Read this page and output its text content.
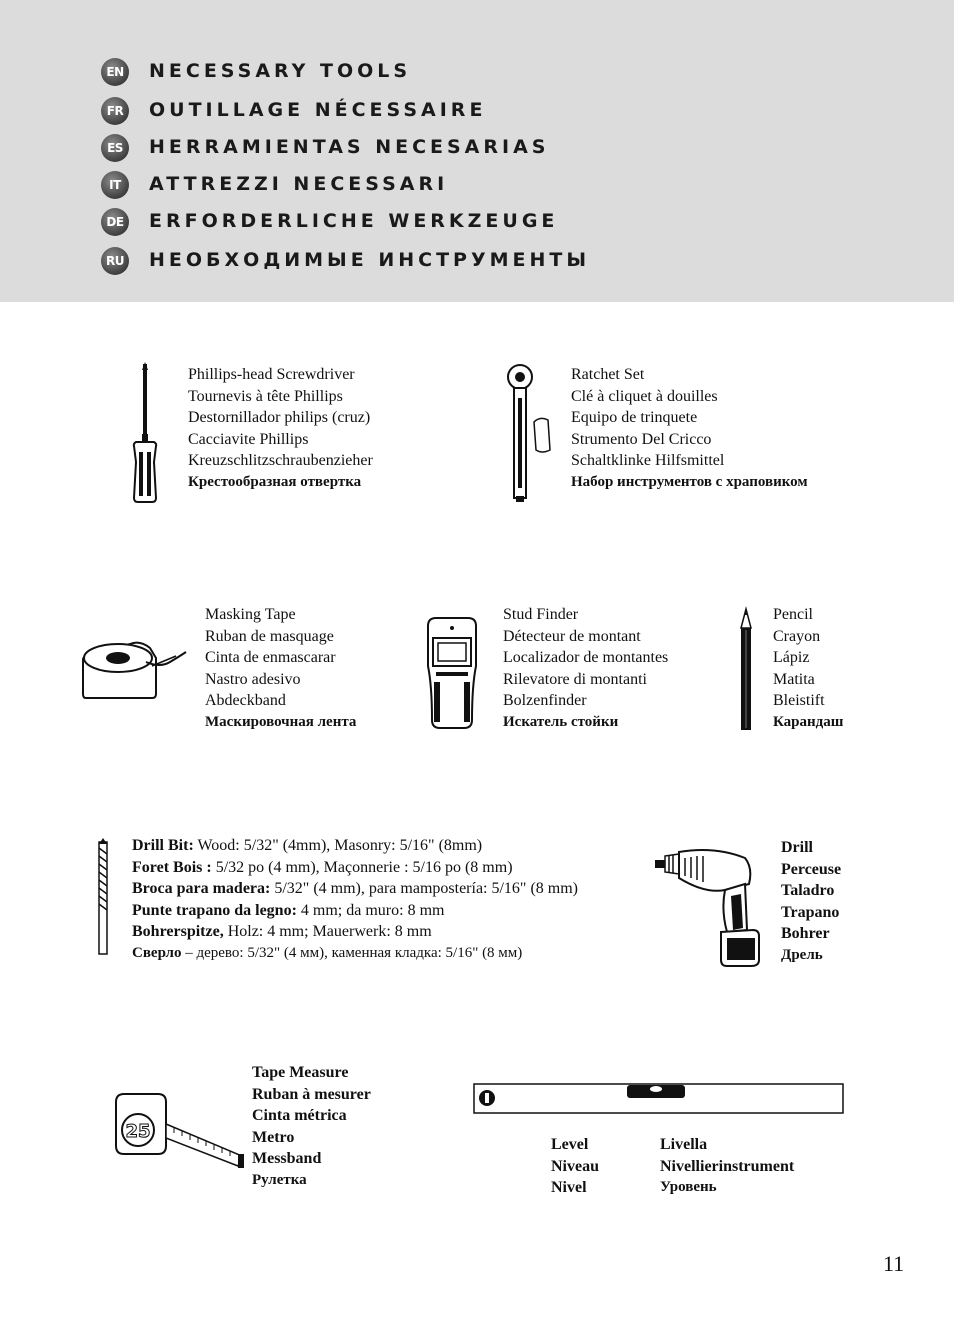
EN NECESSARY TOOLS
FR	OUTILLAGE NÉCESSAIRE
ES	HERRAMIENTAS NECESARIAS
IT	ATTREZZI NECESSARI
DE ERFORDERLICHE WERKZEUGE
RU НЕОБХОДИМЫЕ ИНСТРУМЕНТЫ
Phillips-head Screwdriver
Tournevis à tête Phillips
Destornillador philips (cruz)
Cacciavite Phillips
Kreuzschlitzschraubenzieher
Крестообразная отвертка
Ratchet Set
Clé à cliquet à douilles
Equipo de trinquete
Strumento Del Cricco
Schaltklinke Hilfsmittel
Набор инструментов с храповиком
Masking Tape
Ruban de masquage
Cinta de enmascarar
Nastro adesivo
Abdeckband
Маскировочная лента
Stud Finder
Détecteur de montant
Localizador de montantes
Rilevatore di montanti
Bolzenfinder
Искатель стойки
Pencil
Crayon
Lápiz
Matita
Bleistift
Карандаш
Drill Bit: Wood: 5/32" (4mm), Masonry: 5/16" (8mm)
Foret Bois : 5/32 po (4 mm), Maçonnerie : 5/16 po (8 mm)
Broca para madera: 5/32" (4 mm), para mampostería: 5/16" (8 mm)
Punte trapano da legno: 4 mm; da muro: 8 mm
Bohrerspitze, Holz: 4 mm; Mauerwerk: 8 mm
Сверло – дерево: 5/32" (4 мм), каменная кладка: 5/16" (8 мм)
Drill
Perceuse
Taladro
Trapano
Bohrer
Дрель
25
Tape Measure
Ruban à mesurer
Cinta métrica
Metro
Messband
Рулетка
Level
Niveau
Nivel
Livella
Nivellierinstrument
Уровень
11
